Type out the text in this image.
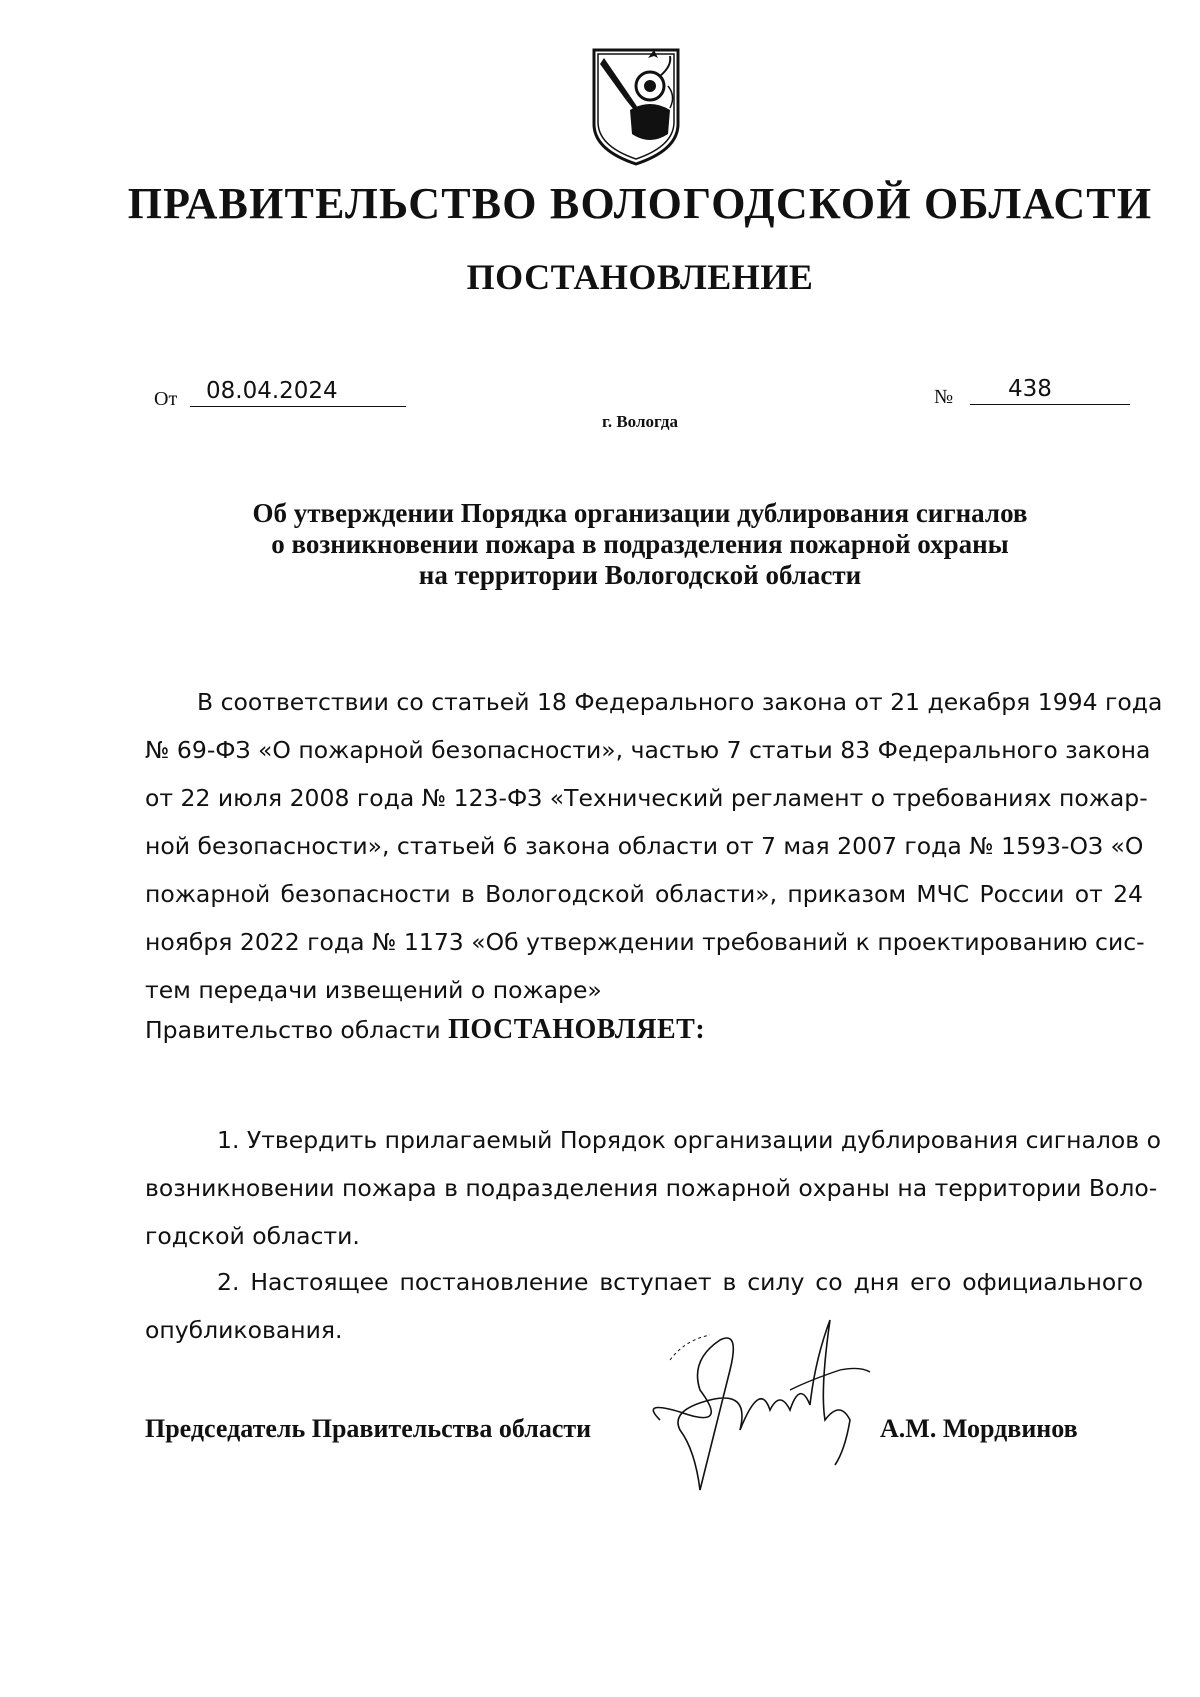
ПРАВИТЕЛЬСТВО ВОЛОГОДСКОЙ ОБЛАСТИ
ПОСТАНОВЛЕНИЕ
От	08.04.2024	№	438
г. Вологда
Об утверждении Порядка организации дублирования сигналов
о возникновении пожара в подразделения пожарной охраны
на территории Вологодской области
В соответствии со статьей 18 Федерального закона от 21 декабря 1994 года
№ 69-ФЗ «О пожарной безопасности», частью 7 статьи 83 Федерального закона
от 22 июля 2008 года № 123-ФЗ «Технический регламент о требованиях пожар-
ной безопасности», статьей 6 закона области от 7 мая 2007 года № 1593-ОЗ «О
пожарной безопасности в Вологодской области», приказом МЧС России от 24
ноября 2022 года № 1173 «Об утверждении требований к проектированию сис-
тем передачи извещений о пожаре»
Правительство области ПОСТАНОВЛЯЕТ:
1. Утвердить прилагаемый Порядок организации дублирования сигналов о
возникновении пожара в подразделения пожарной охраны на территории Воло-
годской области.
2. Настоящее постановление вступает в силу со дня его официального
опубликования.
Председатель Правительства области	А.М. Мордвинов
